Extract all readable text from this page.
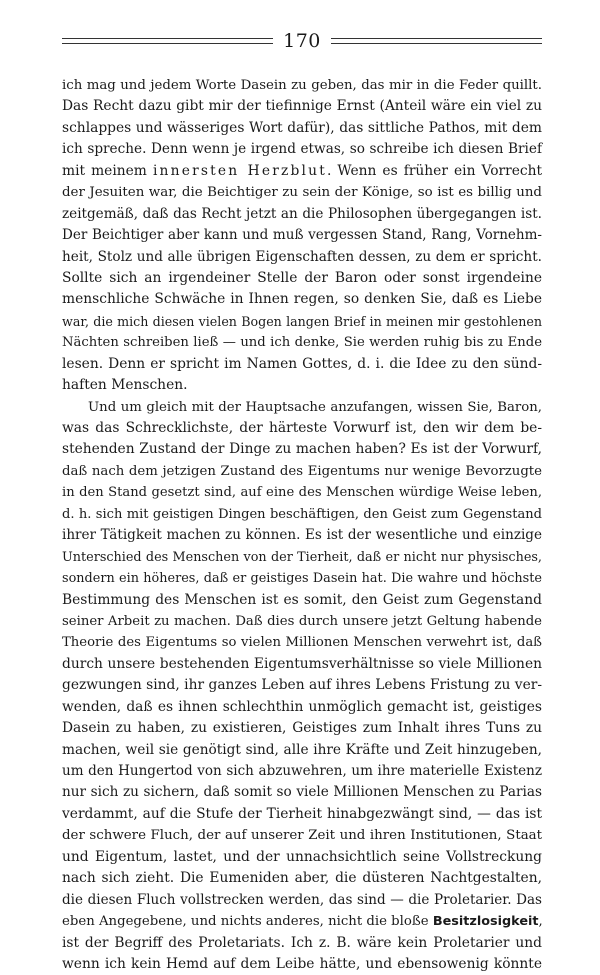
170
ich mag und jedem Worte Dasein zu geben, das mir in die Feder quillt.
Das Recht dazu gibt mir der tiefinnige Ernst (Anteil wäre ein viel zu
schlappes und wässeriges Wort dafür), das sittliche Pathos, mit dem
ich spreche. Denn wenn je irgend etwas, so schreibe ich diesen Brief
mit meinem innersten Herzblut. Wenn es früher ein Vorrecht
der Jesuiten war, die Beichtiger zu sein der Könige, so ist es billig und
zeitgemäß, daß das Recht jetzt an die Philosophen übergegangen ist.
Der Beichtiger aber kann und muß vergessen Stand, Rang, Vornehm-
heit, Stolz und alle übrigen Eigenschaften dessen, zu dem er spricht.
Sollte sich an irgendeiner Stelle der Baron oder sonst irgendeine
menschliche Schwäche in Ihnen regen, so denken Sie, daß es Liebe
war, die mich diesen vielen Bogen langen Brief in meinen mir gestohlenen
Nächten schreiben ließ — und ich denke, Sie werden ruhig bis zu Ende
lesen. Denn er spricht im Namen Gottes, d. i. die Idee zu den sünd-
haften Menschen.
Und um gleich mit der Hauptsache anzufangen, wissen Sie, Baron,
was das Schrecklichste, der härteste Vorwurf ist, den wir dem be-
stehenden Zustand der Dinge zu machen haben? Es ist der Vorwurf,
daß nach dem jetzigen Zustand des Eigentums nur wenige Bevorzugte
in den Stand gesetzt sind, auf eine des Menschen würdige Weise leben,
d. h. sich mit geistigen Dingen beschäftigen, den Geist zum Gegenstand
ihrer Tätigkeit machen zu können. Es ist der wesentliche und einzige
Unterschied des Menschen von der Tierheit, daß er nicht nur physisches,
sondern ein höheres, daß er geistiges Dasein hat. Die wahre und höchste
Bestimmung des Menschen ist es somit, den Geist zum Gegenstand
seiner Arbeit zu machen. Daß dies durch unsere jetzt Geltung habende
Theorie des Eigentums so vielen Millionen Menschen verwehrt ist, daß
durch unsere bestehenden Eigentumsverhältnisse so viele Millionen
gezwungen sind, ihr ganzes Leben auf ihres Lebens Fristung zu ver-
wenden, daß es ihnen schlechthin unmöglich gemacht ist, geistiges
Dasein zu haben, zu existieren, Geistiges zum Inhalt ihres Tuns zu
machen, weil sie genötigt sind, alle ihre Kräfte und Zeit hinzugeben,
um den Hungertod von sich abzuwehren, um ihre materielle Existenz
nur sich zu sichern, daß somit so viele Millionen Menschen zu Parias
verdammt, auf die Stufe der Tierheit hinabgezwängt sind, — das ist
der schwere Fluch, der auf unserer Zeit und ihren Institutionen, Staat
und Eigentum, lastet, und der unnachsichtlich seine Vollstreckung
nach sich zieht. Die Eumeniden aber, die düsteren Nachtgestalten,
die diesen Fluch vollstrecken werden, das sind — die Proletarier. Das
eben Angegebene, und nichts anderes, nicht die bloße Besitzlosigkeit,
ist der Begriff des Proletariats. Ich z. B. wäre kein Proletarier und
wenn ich kein Hemd auf dem Leibe hätte, und ebensowenig könnte
